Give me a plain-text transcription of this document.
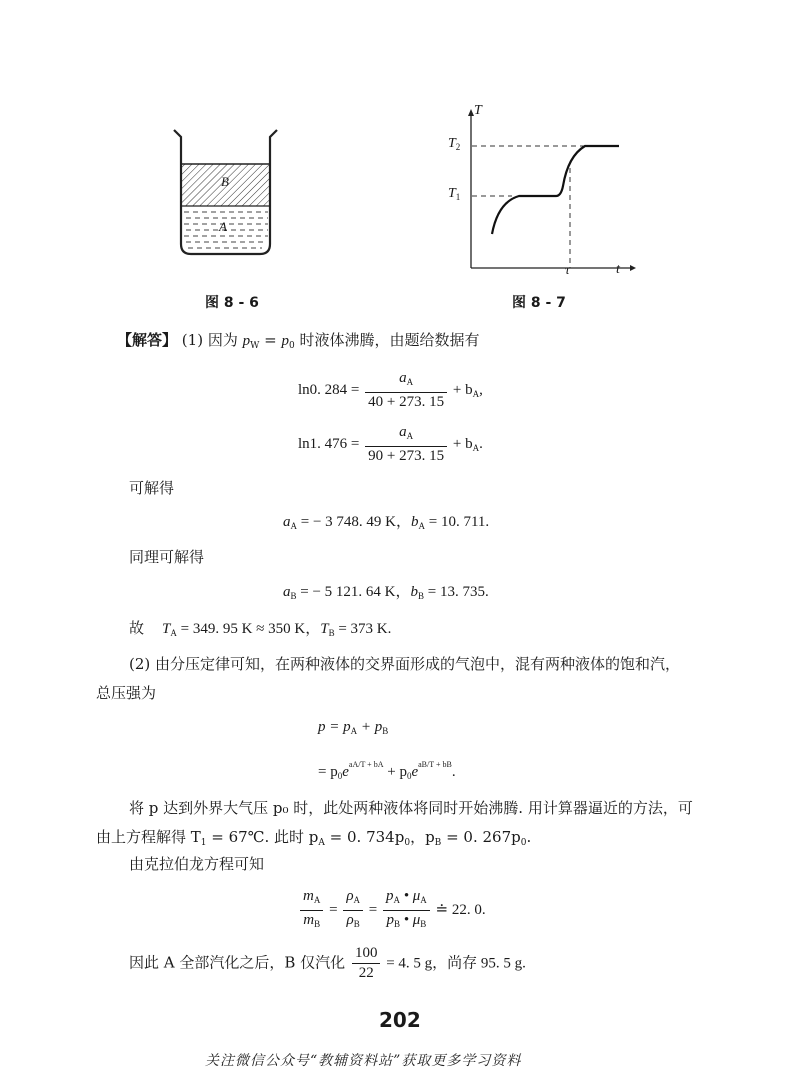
B
A
T
t
$T_2$
$T_1$
τ
图 8 - 6	图 8 - 7
【解答】 (1) 因为 $p_W = p_0$ 时液体沸腾，由题给数据有
ln0. $284 = \frac{a_A}{40 + 273. 15} + b_A$,
ln1. $476 = \frac{a_A}{90 + 273. 15} + b_A$.
可解得
$a_A$ = − 3 748. 49 K，$b_A = 10$. 711.
同理可解得
$a_B$ = − 5 121. 64 K，$b_B = 13$. 735.
故 $T_A = 349$. 95 K ≈ 350 K，$T_B = 373$ K.
(2) 由分压定律可知，在两种液体的交界面形成的气泡中，混有两种液体的饱和汽，
总压强为
$p = p_A + p_B$
= $p_0e^{aA/T + bA} + p_0e^{aB/T + bB}$.
将 p 达到外界大气压 p₀ 时，此处两种液体将同时开始沸腾. 用计算器逼近的方法，可
由上方程解得 $T_1$ = 67℃. 此时 $p_A = 0$. $734p_0$，$p_B = 0$. $267p_0$.
由克拉伯龙方程可知
$\frac{m_A}{m_B} = \frac{\rho_A}{\rho_B} = \frac{p_A • \mu_A}{p_B • \mu_B}$ ≐ 22. 0.
因此 A 全部汽化之后，B 仅汽化 $\frac{100}{22} = 4$. 5 g，尚存 95. 5 g.
202
关注微信公众号“教辅资料站”获取更多学习资料
